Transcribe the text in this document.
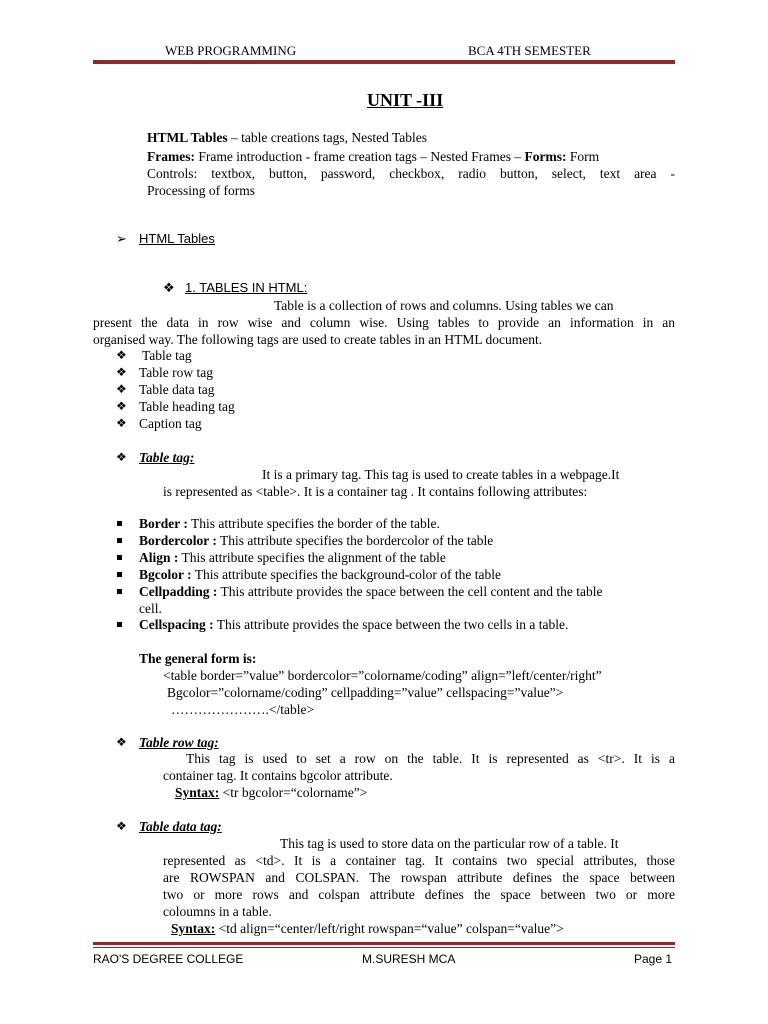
WEB PROGRAMMING	BCA 4TH SEMESTER
UNIT -III
HTML Tables – table creations tags, Nested Tables
Frames: Frame introduction - frame creation tags – Nested Frames – Forms: Form
Controls: textbox, button, password, checkbox, radio button, select, text area -
Processing of forms
➢ HTML Tables
❖ 1. TABLES IN HTML:
Table is a collection of rows and columns. Using tables we can
present the data in row wise and column wise. Using tables to provide an information in an
organised way. The following tags are used to create tables in an HTML document.
❖ Table tag
❖ Table row tag
❖ Table data tag
❖ Table heading tag
❖ Caption tag
❖ Table tag:
It is a primary tag. This tag is used to create tables in a webpage.It
is represented as <table>. It is a container tag . It contains following attributes:
Border : This attribute specifies the border of the table.
Bordercolor : This attribute specifies the bordercolor of the table
Align : This attribute specifies the alignment of the table
Bgcolor : This attribute specifies the background-color of the table
Cellpadding : This attribute provides the space between the cell content and the table
cell.
Cellspacing : This attribute provides the space between the two cells in a table.
The general form is:
<table border=”value” bordercolor=”colorname/coding” align=”left/center/right”
Bgcolor=”colorname/coding” cellpadding=”value” cellspacing=”value”>
………………….</table>
❖ Table row tag:
This tag is used to set a row on the table. It is represented as <tr>. It is a
container tag. It contains bgcolor attribute.
Syntax: <tr bgcolor=“colorname”>
❖ Table data tag:
This tag is used to store data on the particular row of a table. It
represented as <td>. It is a container tag. It contains two special attributes, those
are ROWSPAN and COLSPAN. The rowspan attribute defines the space between
two or more rows and colspan attribute defines the space between two or more
coloumns in a table.
Syntax: <td align=“center/left/right rowspan=“value” colspan=“value”>
RAO'S DEGREE COLLEGE	M.SURESH MCA	Page 1
